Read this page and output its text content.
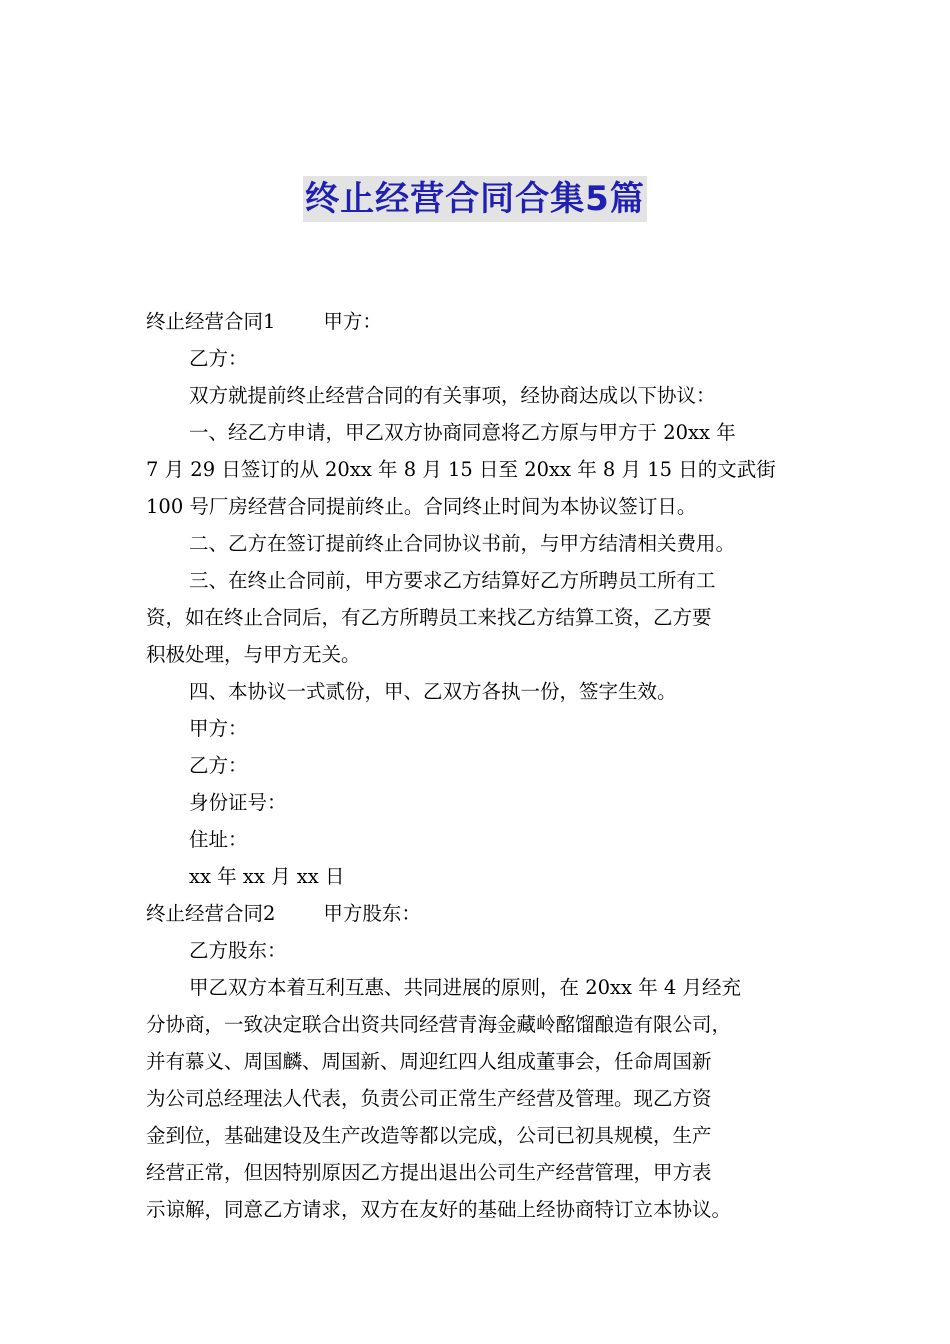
终止经营合同合集5篇

终止经营合同1 甲方：

乙方：

双方就提前终止经营合同的有关事项，经协商达成以下协议：

一、经乙方申请，甲乙双方协商同意将乙方原与甲方于 20xx 年

7 月 29 日签订的从 20xx 年 8 月 15 日至 20xx 年 8 月 15 日的文武街

100 号厂房经营合同提前终止。合同终止时间为本协议签订日。

二、乙方在签订提前终止合同协议书前，与甲方结清相关费用。

三、在终止合同前，甲方要求乙方结算好乙方所聘员工所有工

资，如在终止合同后，有乙方所聘员工来找乙方结算工资，乙方要

积极处理，与甲方无关。

四、本协议一式贰份，甲、乙双方各执一份，签字生效。

甲方：

乙方：

身份证号：

住址：

xx 年 xx 月 xx 日

终止经营合同2 甲方股东：

乙方股东：

甲乙双方本着互利互惠、共同进展的原则，在 20xx 年 4 月经充

分协商，一致决定联合出资共同经营青海金藏岭酩馏酿造有限公司，

并有慕义、周国麟、周国新、周迎红四人组成董事会，任命周国新

为公司总经理法人代表，负责公司正常生产经营及管理。现乙方资

金到位，基础建设及生产改造等都以完成，公司已初具规模，生产

经营正常，但因特别原因乙方提出退出公司生产经营管理，甲方表

示谅解，同意乙方请求，双方在友好的基础上经协商特订立本协议。
